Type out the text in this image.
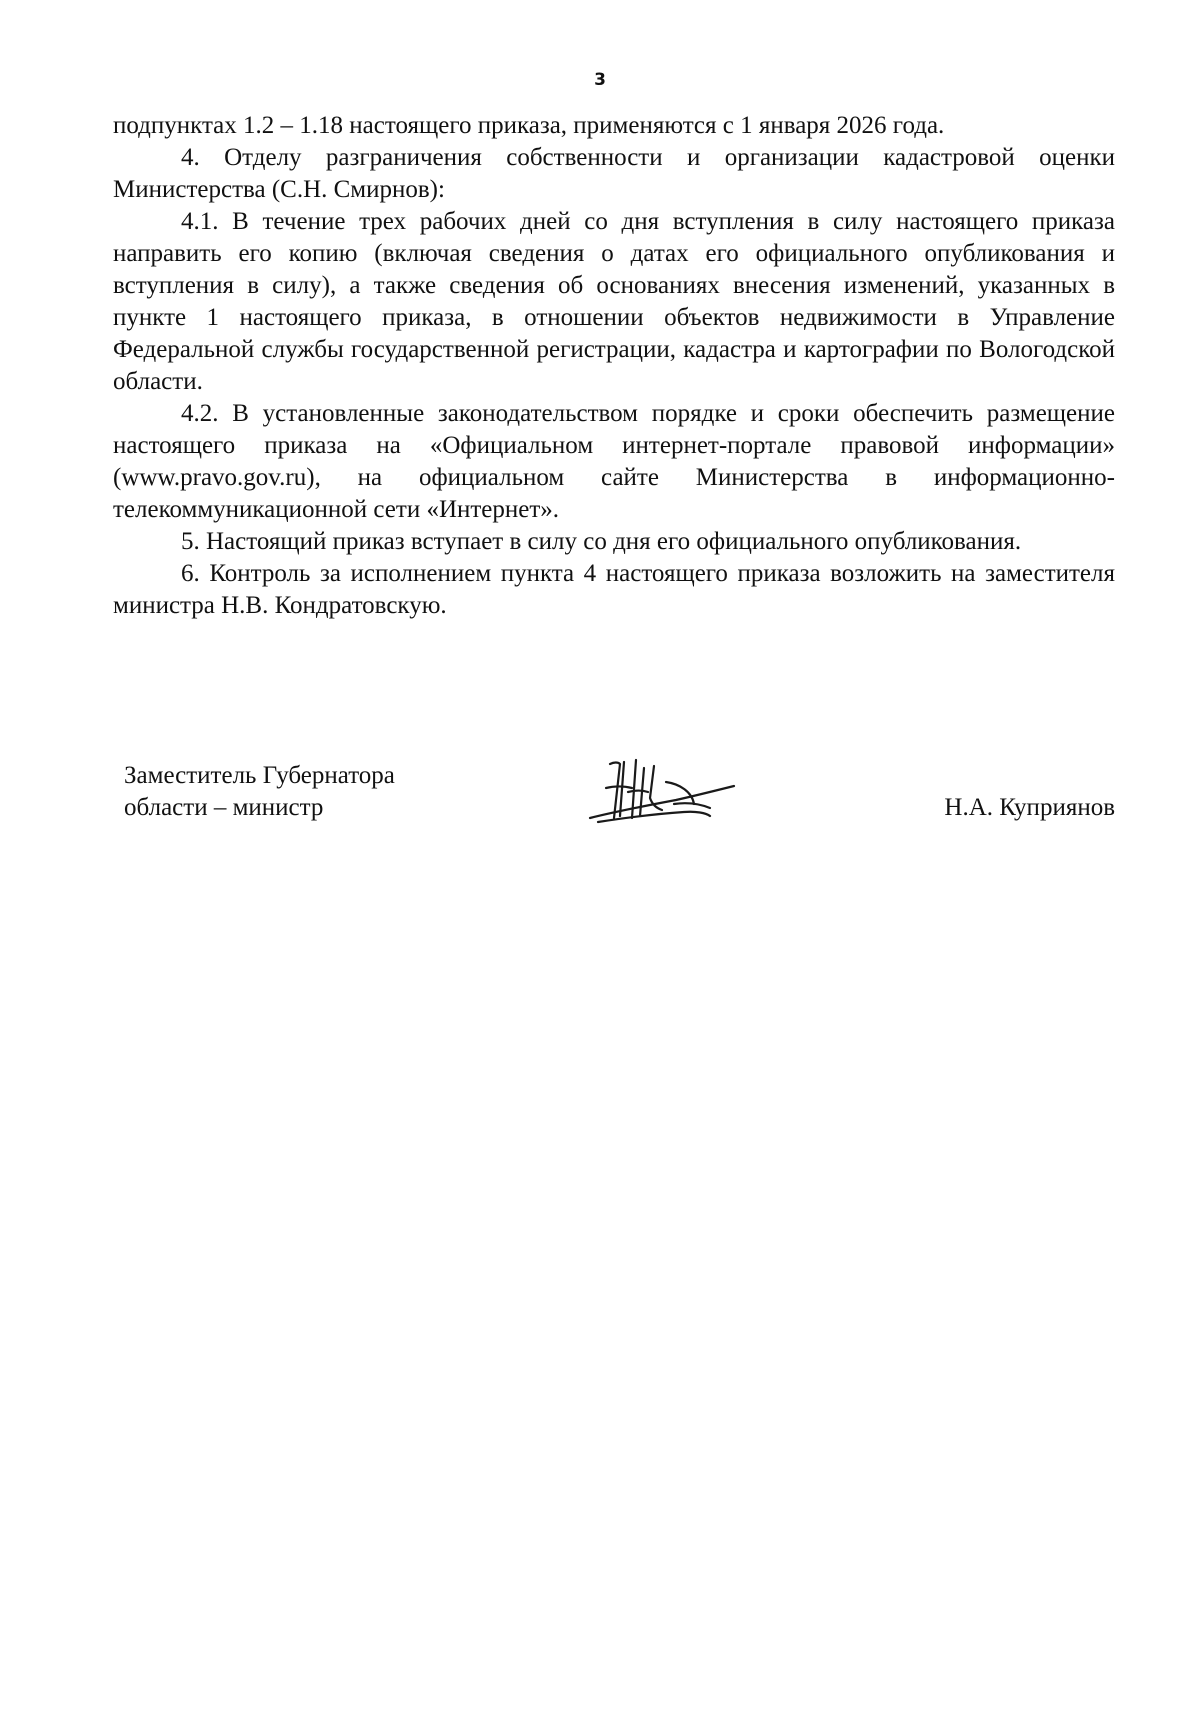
3

подпунктах 1.2 – 1.18 настоящего приказа, применяются с 1 января 2026 года.

4. Отделу разграничения собственности и организации кадастровой оценки Министерства (С.Н. Смирнов):

4.1. В течение трех рабочих дней со дня вступления в силу настоящего приказа направить его копию (включая сведения о датах его официального опубликования и вступления в силу), а также сведения об основаниях внесения изменений, указанных в пункте 1 настоящего приказа, в отношении объектов недвижимости в Управление Федеральной службы государственной регистрации, кадастра и картографии по Вологодской области.

4.2. В установленные законодательством порядке и сроки обеспечить размещение настоящего приказа на «Официальном интернет-портале правовой информации» (www.pravo.gov.ru), на официальном сайте Министерства в информационно-телекоммуникационной сети «Интернет».

5. Настоящий приказ вступает в силу со дня его официального опубликования.

6. Контроль за исполнением пункта 4 настоящего приказа возложить на заместителя министра Н.В. Кондратовскую.

Заместитель Губернатора
области – министр	Н.А. Куприянов
